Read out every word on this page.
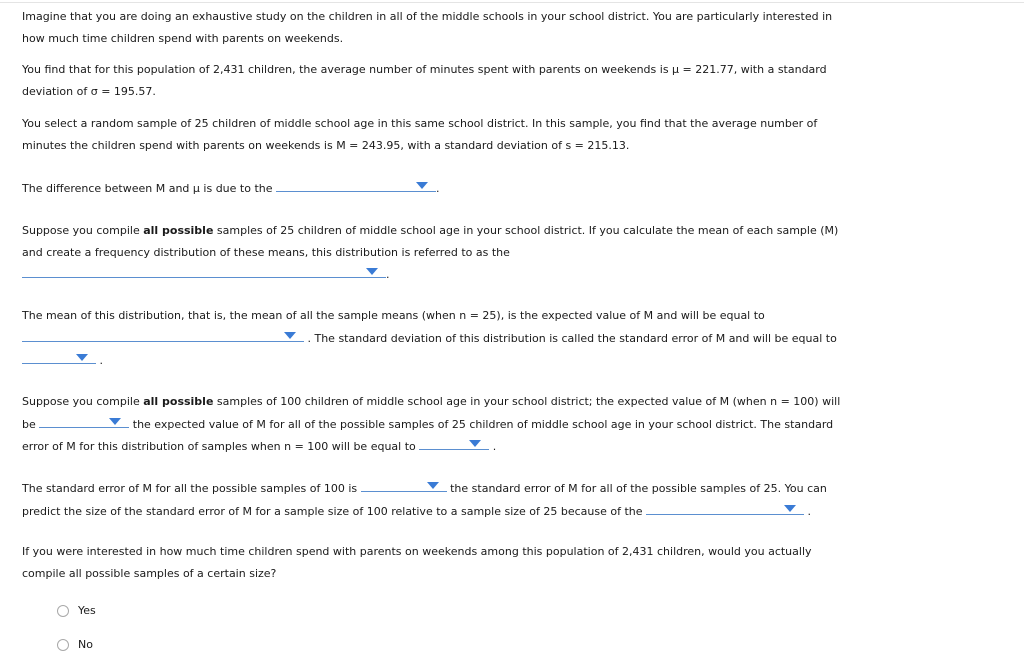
Imagine that you are doing an exhaustive study on the children in all of the middle schools in your school district. You are particularly interested in
how much time children spend with parents on weekends.

You find that for this population of 2,431 children, the average number of minutes spent with parents on weekends is μ = 221.77, with a standard
deviation of σ = 195.57.

You select a random sample of 25 children of middle school age in this same school district. In this sample, you find that the average number of
minutes the children spend with parents on weekends is M = 243.95, with a standard deviation of s = 215.13.

The difference between M and μ is due to the	.

Suppose you compile all possible samples of 25 children of middle school age in your school district. If you calculate the mean of each sample (M)
and create a frequency distribution of these means, this distribution is referred to as the

.

The mean of this distribution, that is, the mean of all the sample means (when n = 25), is the expected value of M and will be equal to

. The standard deviation of this distribution is called the standard error of M and will be equal to

.

Suppose you compile all possible samples of 100 children of middle school age in your school district; the expected value of M (when n = 100) will
be	the expected value of M for all of the possible samples of 25 children of middle school age in your school district. The standard
error of M for this distribution of samples when n = 100 will be equal to	.

The standard error of M for all the possible samples of 100 is	the standard error of M for all of the possible samples of 25. You can
predict the size of the standard error of M for a sample size of 100 relative to a sample size of 25 because of the	.

If you were interested in how much time children spend with parents on weekends among this population of 2,431 children, would you actually
compile all possible samples of a certain size?

Yes
No
